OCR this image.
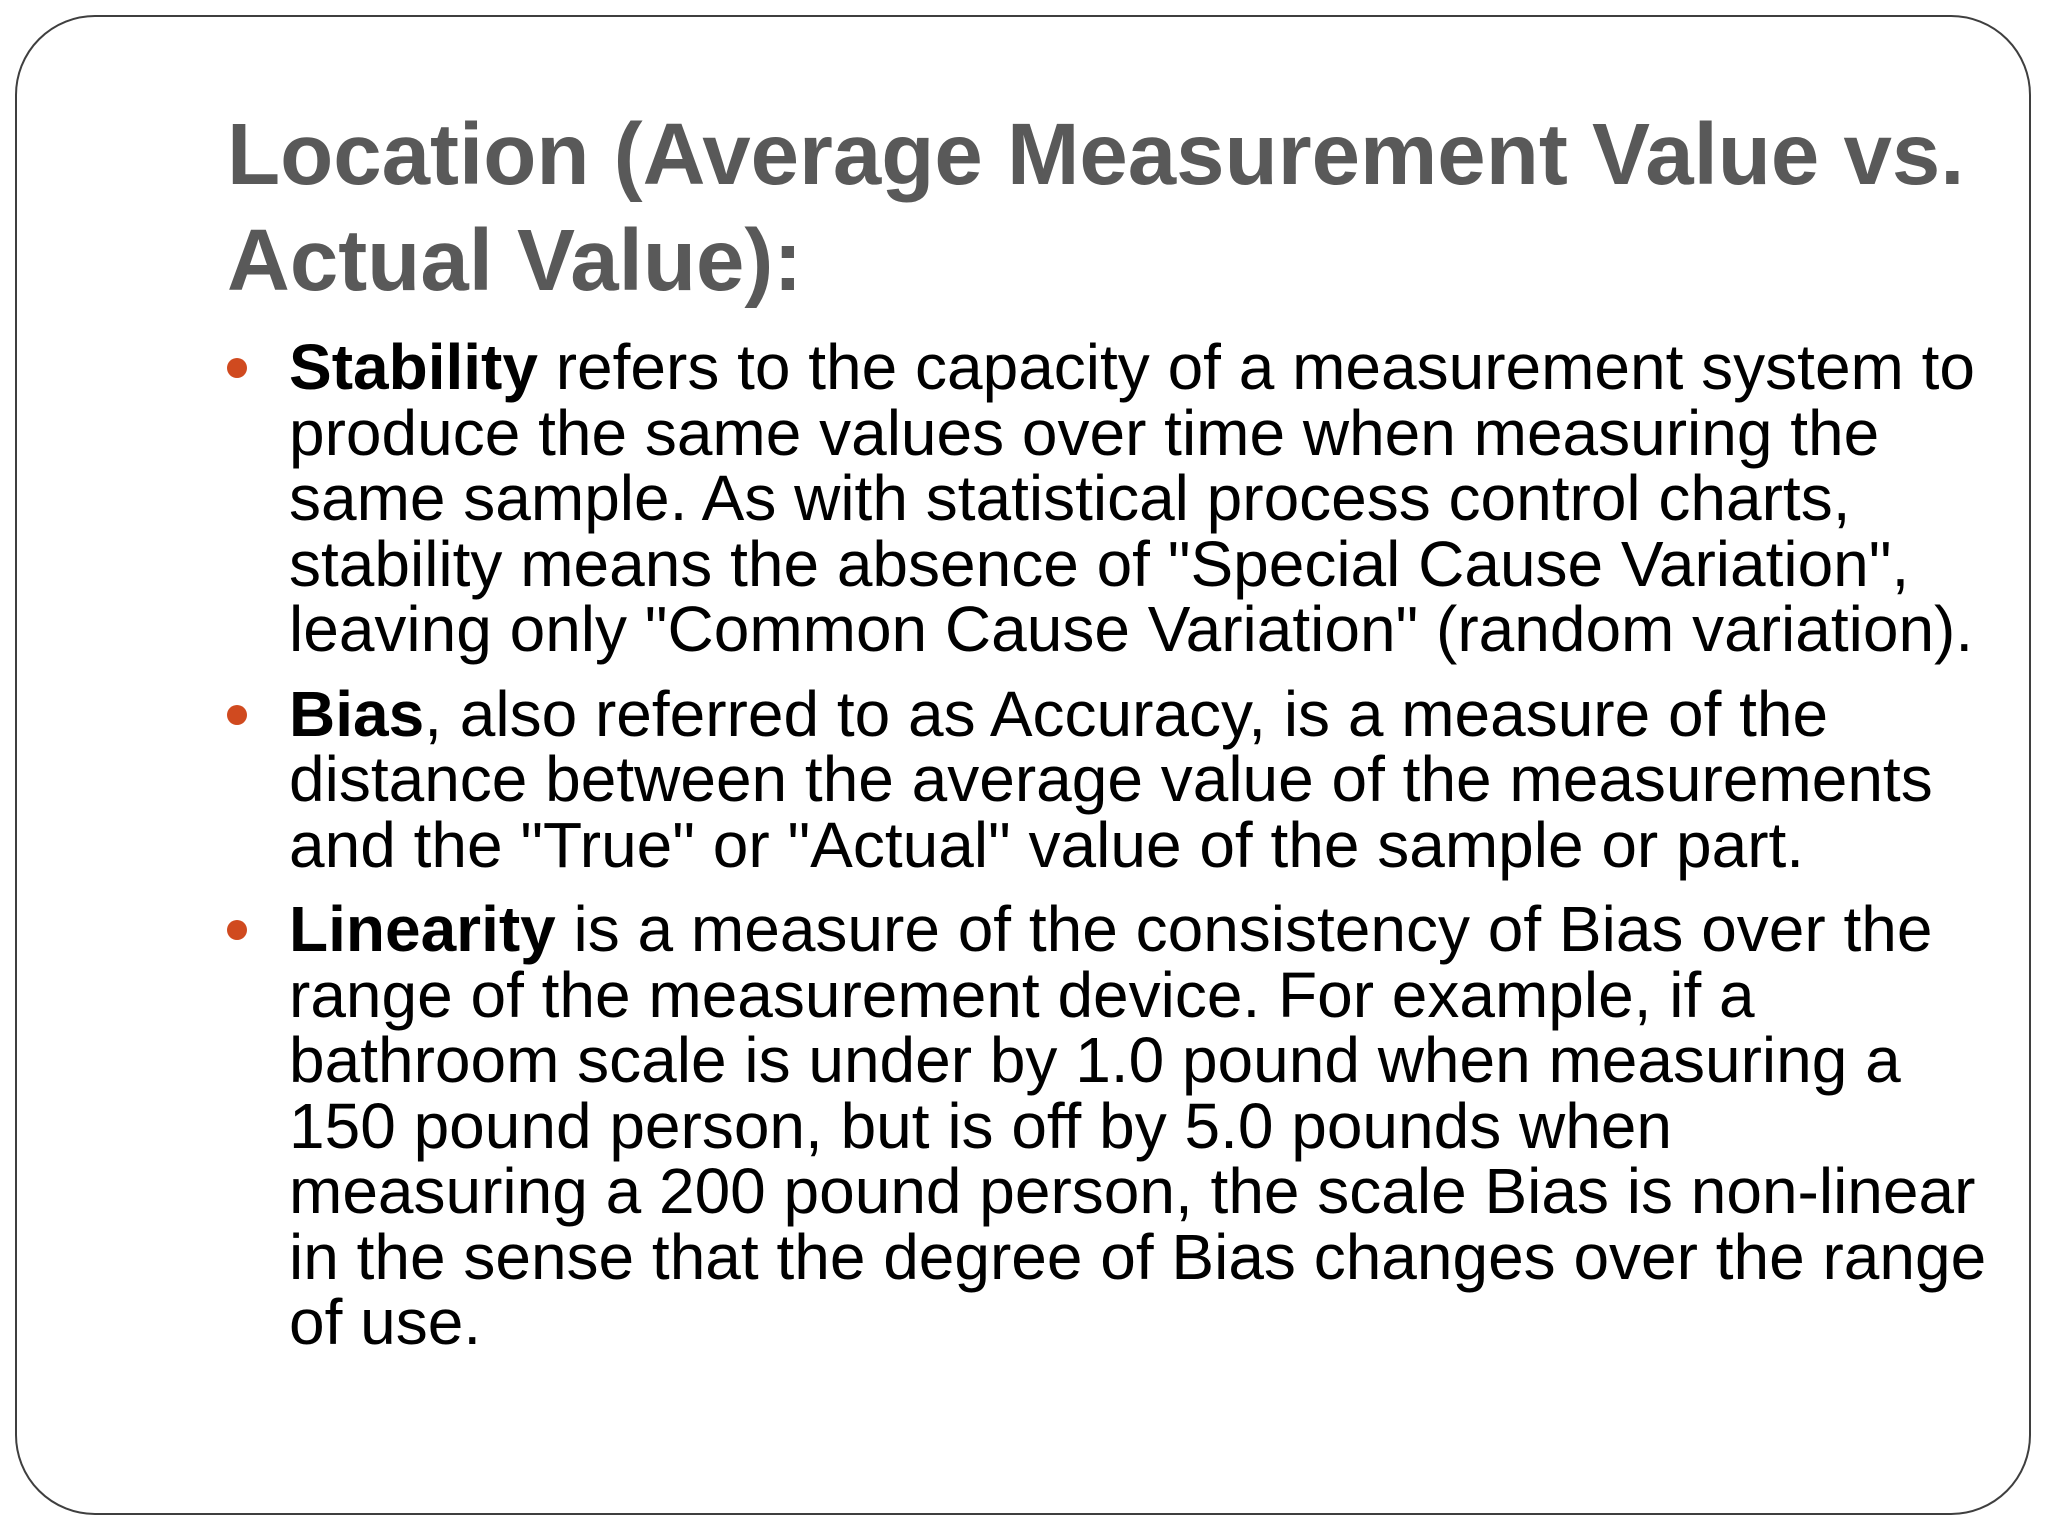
Location (Average Measurement Value vs. Actual Value):
Stability refers to the capacity of a measurement system to produce the same values over time when measuring the same sample. As with statistical process control charts, stability means the absence of "Special Cause Variation", leaving only "Common Cause Variation" (random variation).
Bias, also referred to as Accuracy, is a measure of the distance between the average value of the measurements and the "True" or "Actual" value of the sample or part.
Linearity is a measure of the consistency of Bias over the range of the measurement device. For example, if a bathroom scale is under by 1.0 pound when measuring a 150 pound person, but is off by 5.0 pounds when measuring a 200 pound person, the scale Bias is non-linear in the sense that the degree of Bias changes over the range of use.
